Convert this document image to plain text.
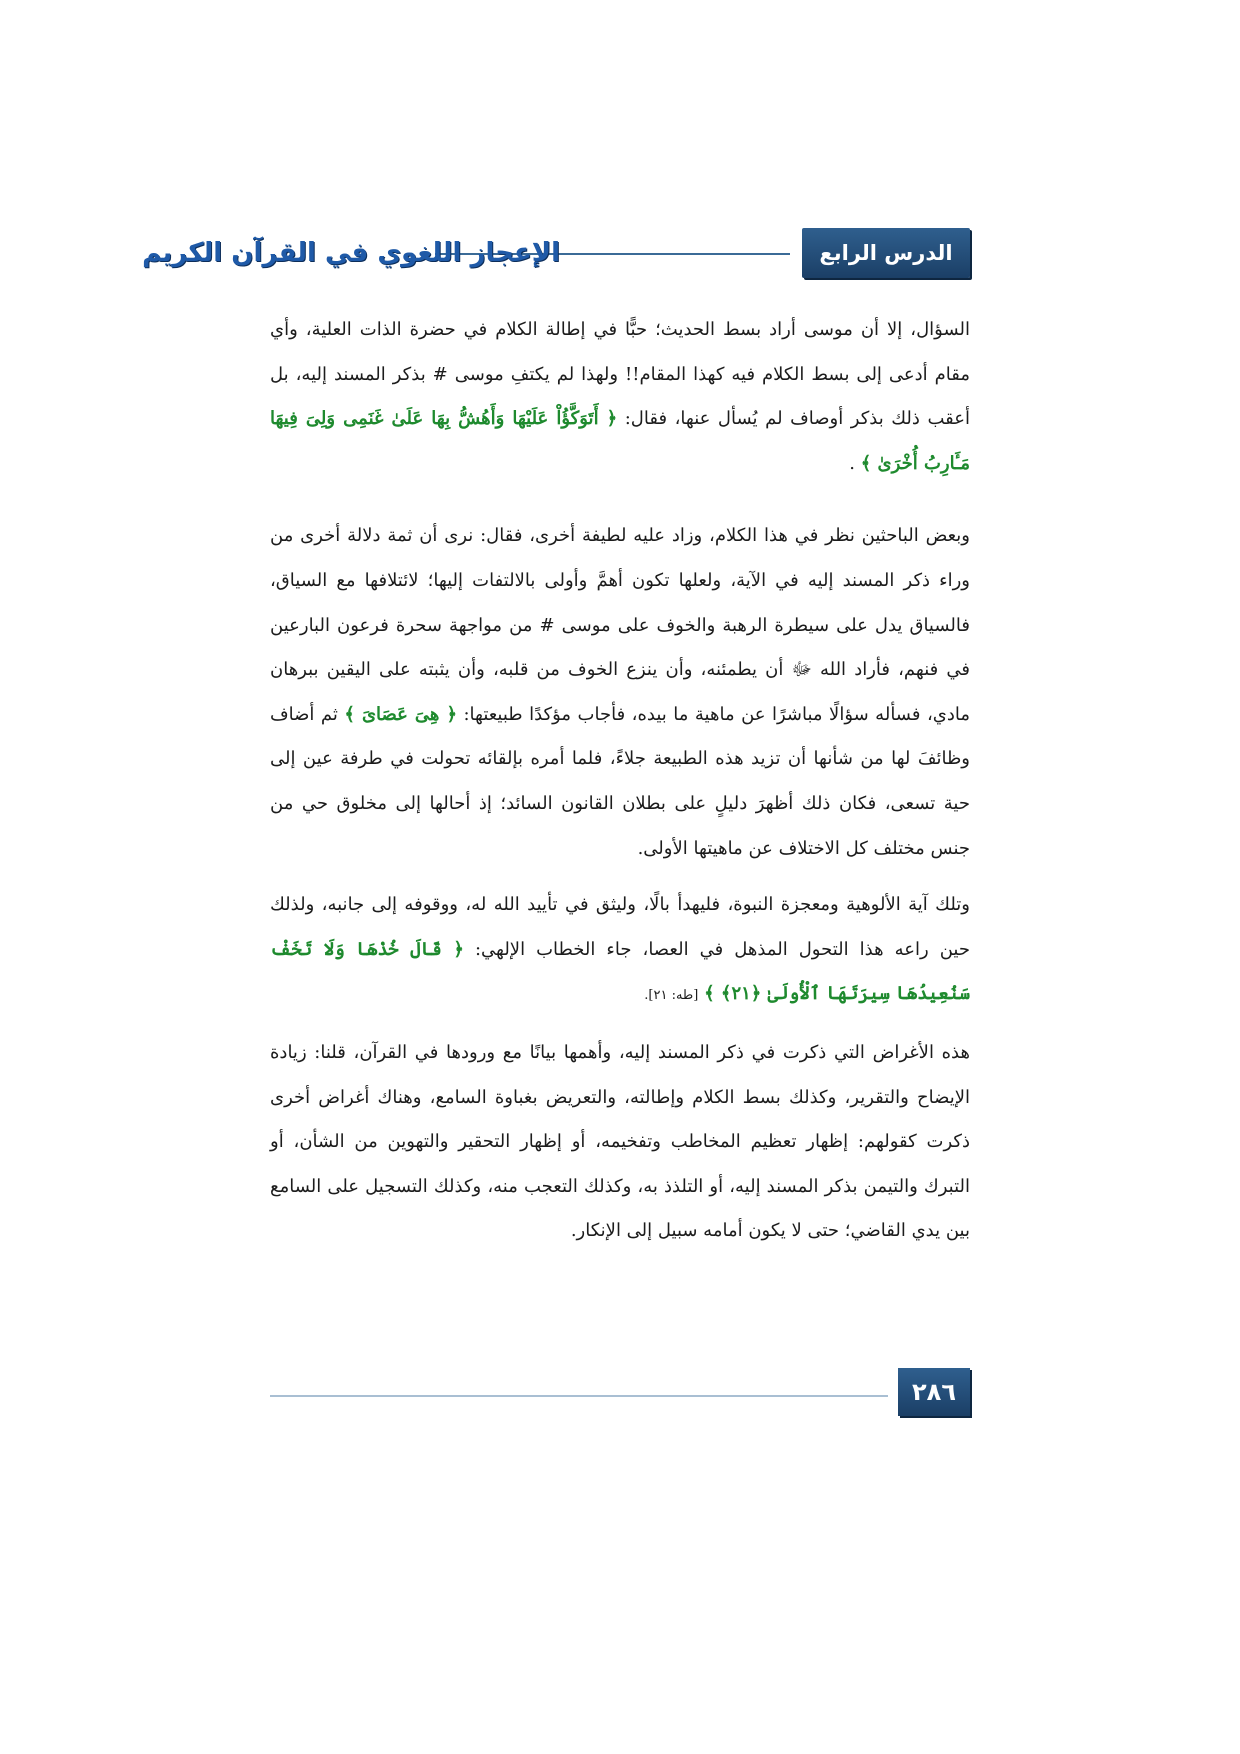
الدرس الرابع عشر
الإعجاز اللغوي في القرآن الكريم

السؤال، إلا أن موسى أراد بسط الحديث؛ حبًّا في إطالة الكلام في حضرة الذات العلية، وأي مقام أدعى إلى بسط الكلام فيه كهذا المقام!! ولهذا لم يكتفِ موسى # بذكر المسند إليه، بل أعقب ذلك بذكر أوصاف لم يُسأل عنها، فقال: ﴿ أَتَوَكَّؤُاْ عَلَيْهَا وَأَهُشُّ بِهَا عَلَىٰ غَنَمِى وَلِىَ فِيهَا مَـَٔارِبُ أُخْرَىٰ ﴾ .

وبعض الباحثين نظر في هذا الكلام، وزاد عليه لطيفة أخرى، فقال: نرى أن ثمة دلالة أخرى من وراء ذكر المسند إليه في الآية، ولعلها تكون أهمَّ وأولى بالالتفات إليها؛ لائتلافها مع السياق، فالسياق يدل على سيطرة الرهبة والخوف على موسى # من مواجهة سحرة فرعون البارعين في فنهم، فأراد الله ﷻ أن يطمئنه، وأن ينزع الخوف من قلبه، وأن يثبته على اليقين ببرهان مادي، فسأله سؤالًا مباشرًا عن ماهية ما بيده، فأجاب مؤكدًا طبيعتها: ﴿ هِىَ عَصَاىَ ﴾ ثم أضاف وظائفَ لها من شأنها أن تزيد هذه الطبيعة جلاءً، فلما أمره بإلقائه تحولت في طرفة عين إلى حية تسعى، فكان ذلك أظهرَ دليلٍ على بطلان القانون السائد؛ إذ أحالها إلى مخلوق حي من جنس مختلف كل الاختلاف عن ماهيتها الأولى.

وتلك آية الألوهية ومعجزة النبوة، فليهدأ بالًا، وليثق في تأييد الله له، ووقوفه إلى جانبه، ولذلك حين راعه هذا التحول المذهل في العصا، جاء الخطاب الإلهي: ﴿ قَالَ خُذْهَا وَلَا تَخَفْ سَنُعِيدُهَا سِيرَتَهَا ٱلْأُولَىٰ ﴿٢١﴾ ﴾ [طه: ٢١].

هذه الأغراض التي ذكرت في ذكر المسند إليه، وأهمها بيانًا مع ورودها في القرآن، قلنا: زيادة الإيضاح والتقرير، وكذلك بسط الكلام وإطالته، والتعريض بغباوة السامع، وهناك أغراض أخرى ذكرت كقولهم: إظهار تعظيم المخاطب وتفخيمه، أو إظهار التحقير والتهوين من الشأن، أو التبرك والتيمن بذكر المسند إليه، أو التلذذ به، وكذلك التعجب منه، وكذلك التسجيل على السامع بين يدي القاضي؛ حتى لا يكون أمامه سبيل إلى الإنكار.

٢٨٦
